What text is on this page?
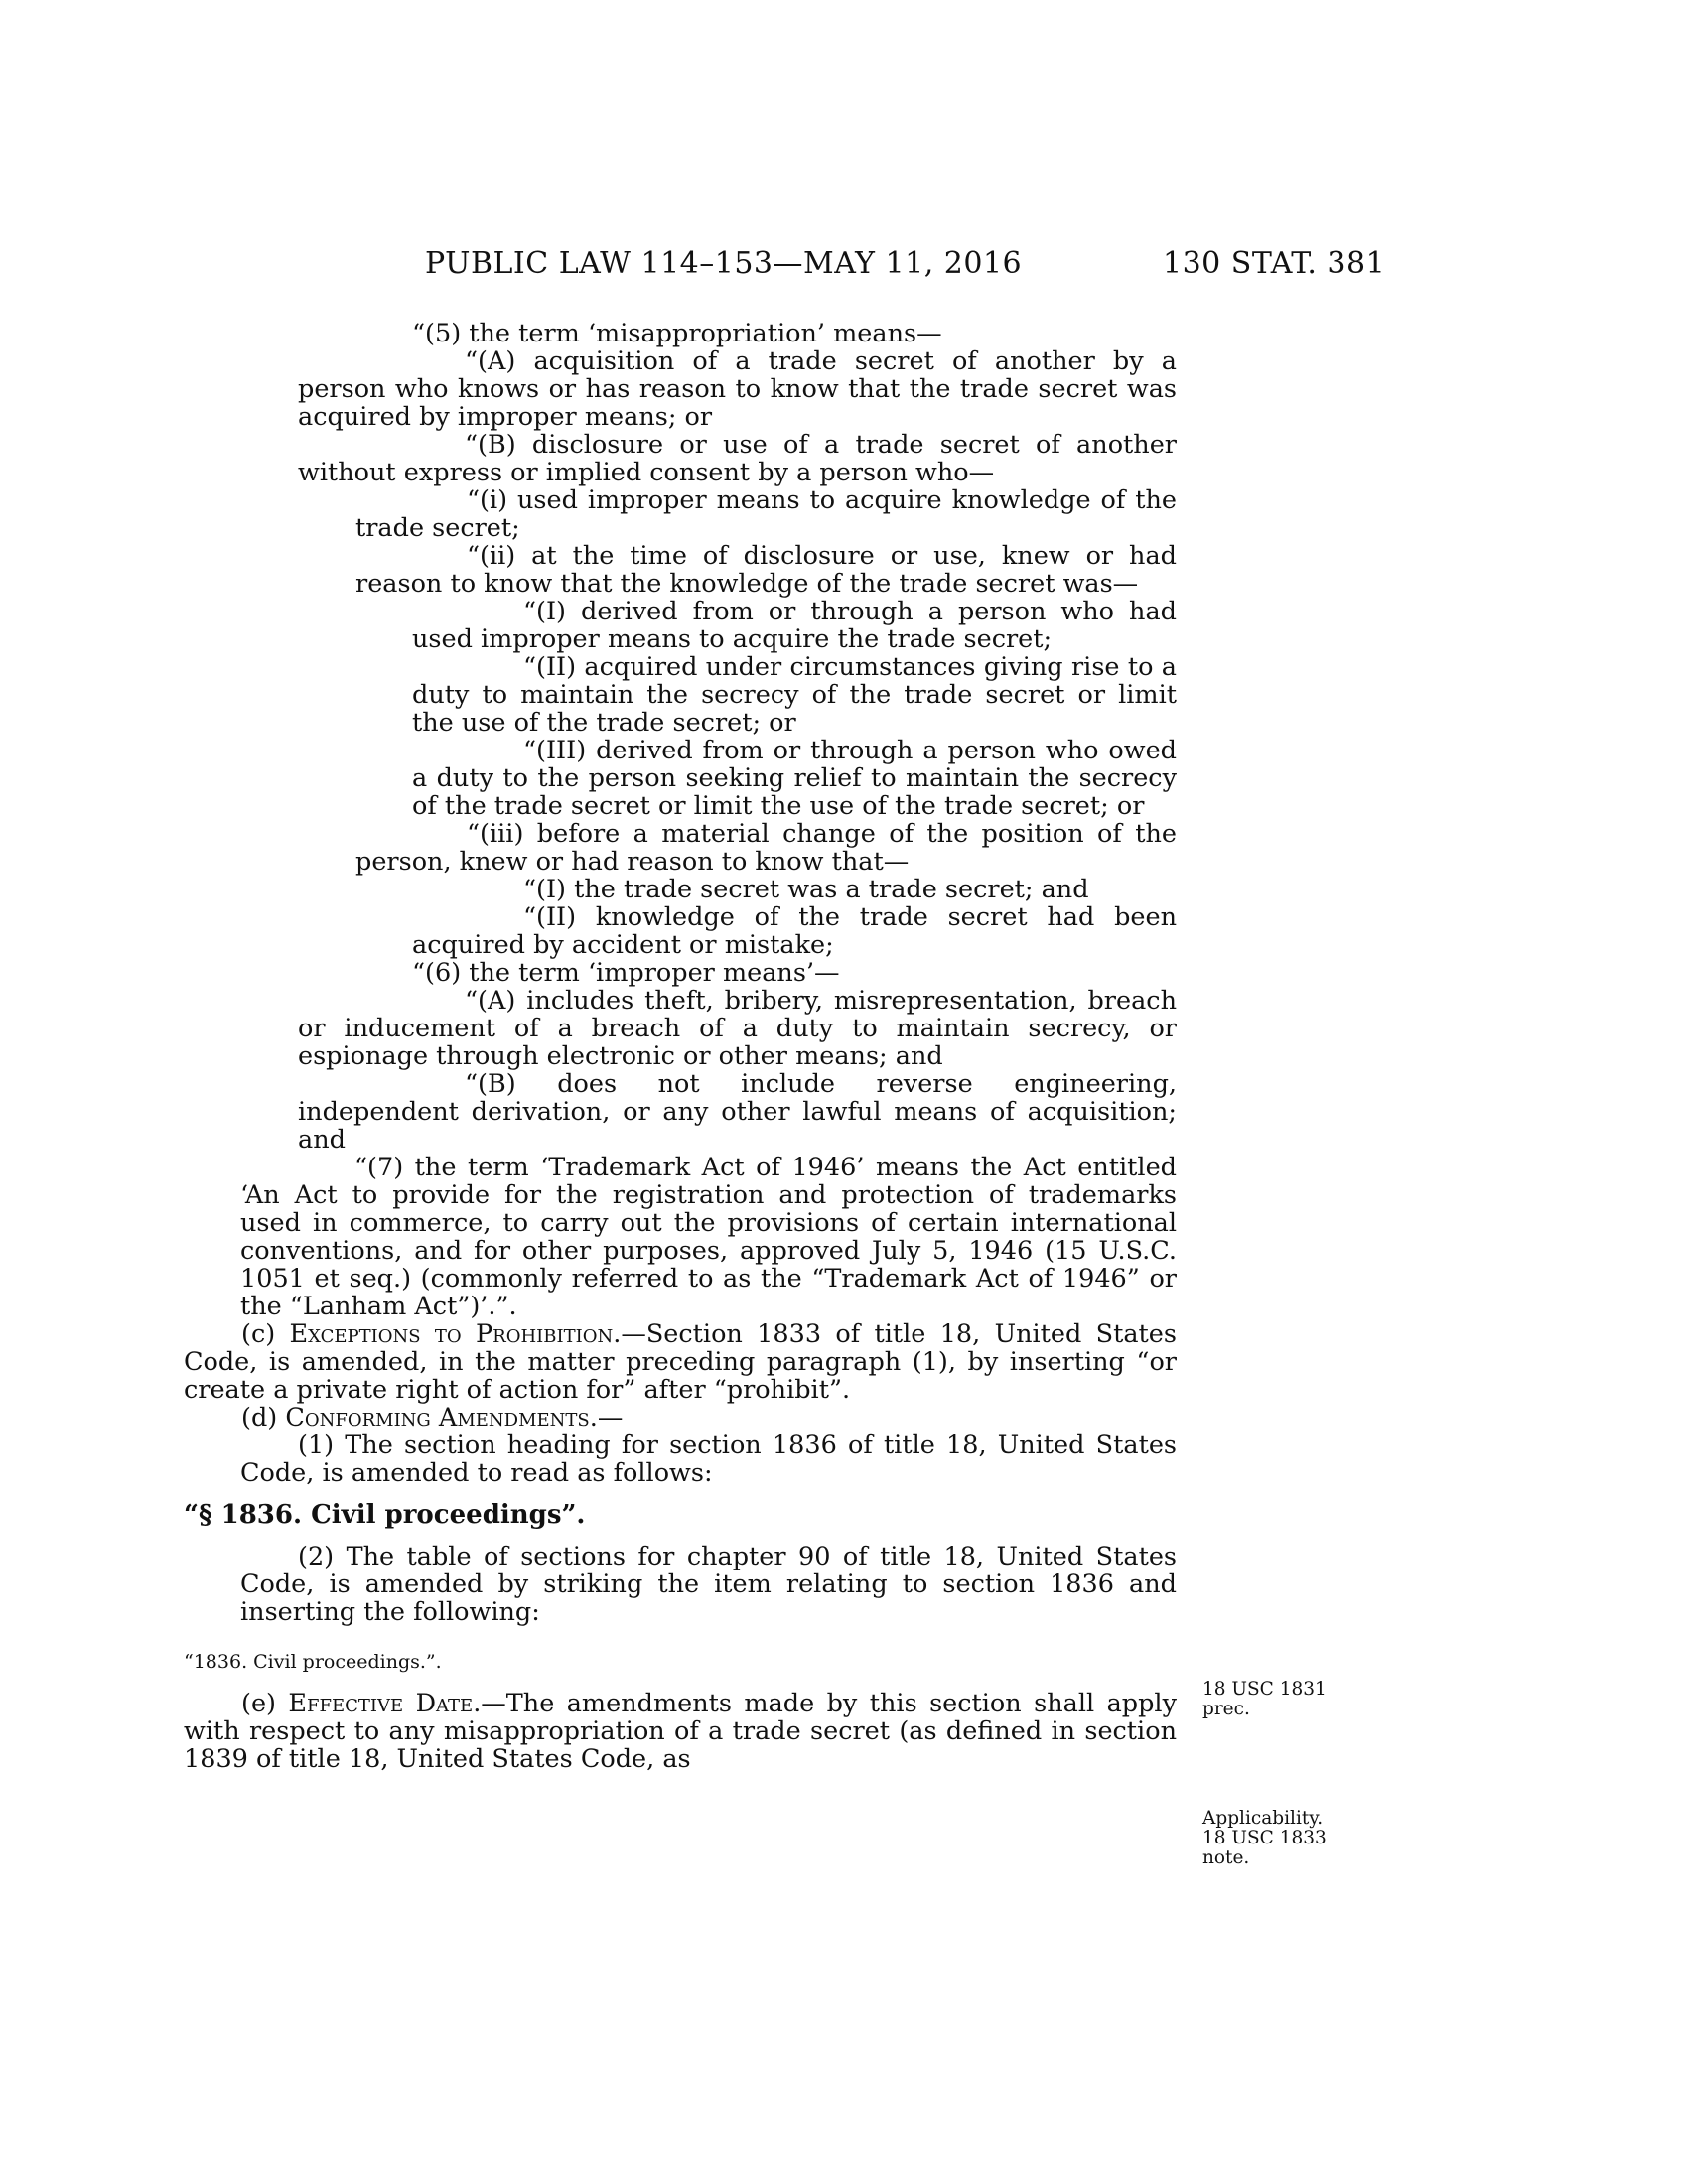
PUBLIC LAW 114–153—MAY 11, 2016	130 STAT. 381

“(5) the term ‘misappropriation’ means—

“(A) acquisition of a trade secret of another by a person who knows or has reason to know that the trade secret was acquired by improper means; or

“(B) disclosure or use of a trade secret of another without express or implied consent by a person who—

“(i) used improper means to acquire knowledge of the trade secret;

“(ii) at the time of disclosure or use, knew or had reason to know that the knowledge of the trade secret was—

“(I) derived from or through a person who had used improper means to acquire the trade secret;

“(II) acquired under circumstances giving rise to a duty to maintain the secrecy of the trade secret or limit the use of the trade secret; or

“(III) derived from or through a person who owed a duty to the person seeking relief to maintain the secrecy of the trade secret or limit the use of the trade secret; or

“(iii) before a material change of the position of the person, knew or had reason to know that—

“(I) the trade secret was a trade secret; and

“(II) knowledge of the trade secret had been acquired by accident or mistake;

“(6) the term ‘improper means’—

“(A) includes theft, bribery, misrepresentation, breach or inducement of a breach of a duty to maintain secrecy, or espionage through electronic or other means; and

“(B) does not include reverse engineering, independent derivation, or any other lawful means of acquisition; and

“(7) the term ‘Trademark Act of 1946’ means the Act entitled ‘An Act to provide for the registration and protection of trademarks used in commerce, to carry out the provisions of certain international conventions, and for other purposes, approved July 5, 1946 (15 U.S.C. 1051 et seq.) (commonly referred to as the “Trademark Act of 1946” or the “Lanham Act”)’.”.

(c) Exceptions to Prohibition.—Section 1833 of title 18, United States Code, is amended, in the matter preceding paragraph (1), by inserting “or create a private right of action for” after “prohibit”.

(d) Conforming Amendments.—

(1) The section heading for section 1836 of title 18, United States Code, is amended to read as follows:

“§ 1836. Civil proceedings”.

(2) The table of sections for chapter 90 of title 18, United States Code, is amended by striking the item relating to section 1836 and inserting the following:

“1836. Civil proceedings.”.

(e) Effective Date.—The amendments made by this section shall apply with respect to any misappropriation of a trade secret (as defined in section 1839 of title 18, United States Code, as

18 USC 1831
prec.
Applicability.
18 USC 1833
note.
